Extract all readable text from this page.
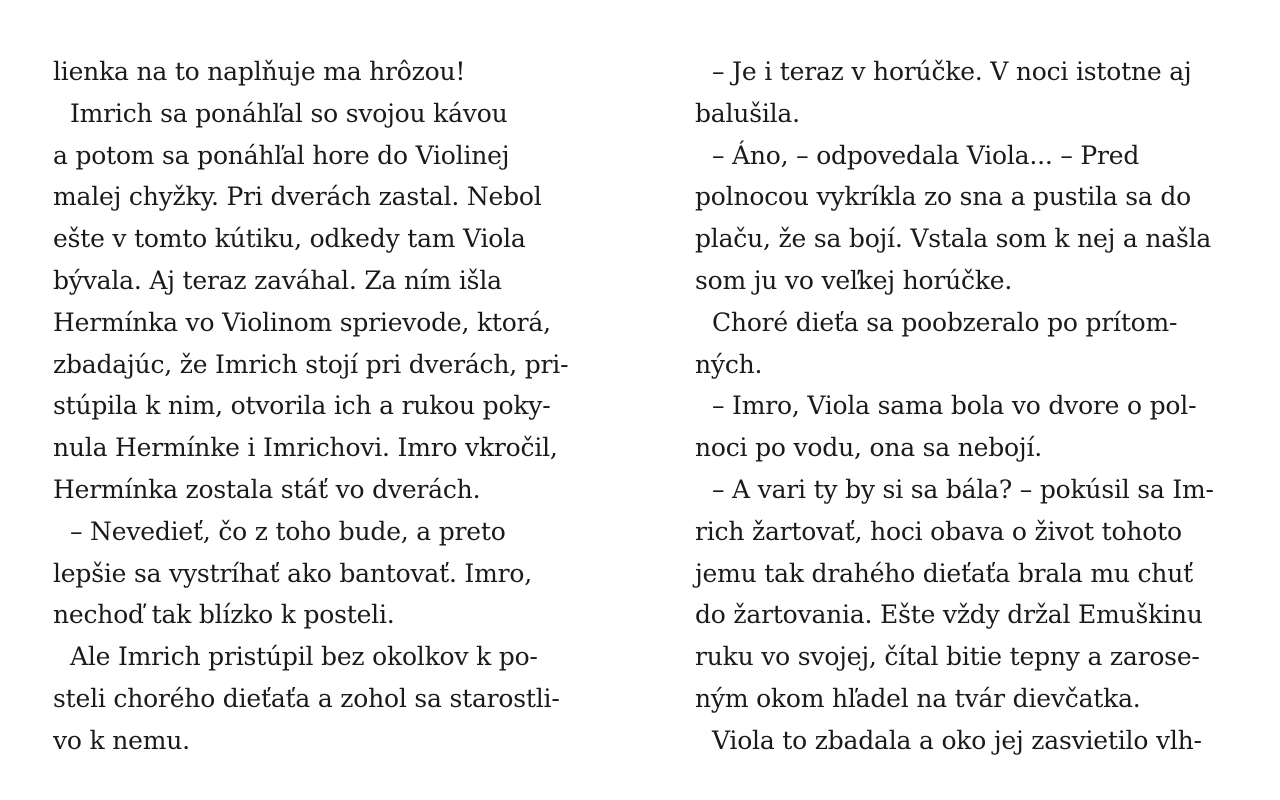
lienka na to naplňuje ma hrôzou!
Imrich sa ponáhľal so svojou kávou
a potom sa ponáhľal hore do Violinej
malej chyžky. Pri dverách zastal. Nebol
ešte v tomto kútiku, odkedy tam Viola
bývala. Aj teraz zaváhal. Za ním išla
Hermínka vo Violinom sprievode, ktorá,
zbadajúc, že Imrich stojí pri dverách, pri-
stúpila k nim, otvorila ich a rukou poky-
nula Hermínke i Imrichovi. Imro vkročil,
Hermínka zostala stáť vo dverách.
– Nevedieť, čo z toho bude, a preto
lepšie sa vystríhať ako bantovať. Imro,
nechoď tak blízko k posteli.
Ale Imrich pristúpil bez okolkov k po-
steli chorého dieťaťa a zohol sa starostli-
vo k nemu.
– Je i teraz v horúčke. V noci istotne aj
balušila.
– Áno, – odpovedala Viola... – Pred
polnocou vykríkla zo sna a pustila sa do
plaču, že sa bojí. Vstala som k nej a našla
som ju vo veľkej horúčke.
Choré dieťa sa poobzeralo po prítom-
ných.
– Imro, Viola sama bola vo dvore o pol-
noci po vodu, ona sa nebojí.
– A vari ty by si sa bála? – pokúsil sa Im-
rich žartovať, hoci obava o život tohoto
jemu tak drahého dieťaťa brala mu chuť
do žartovania. Ešte vždy držal Emuškinu
ruku vo svojej, čítal bitie tepny a zarose-
ným okom hľadel na tvár dievčatka.
Viola to zbadala a oko jej zasvietilo vlh-
